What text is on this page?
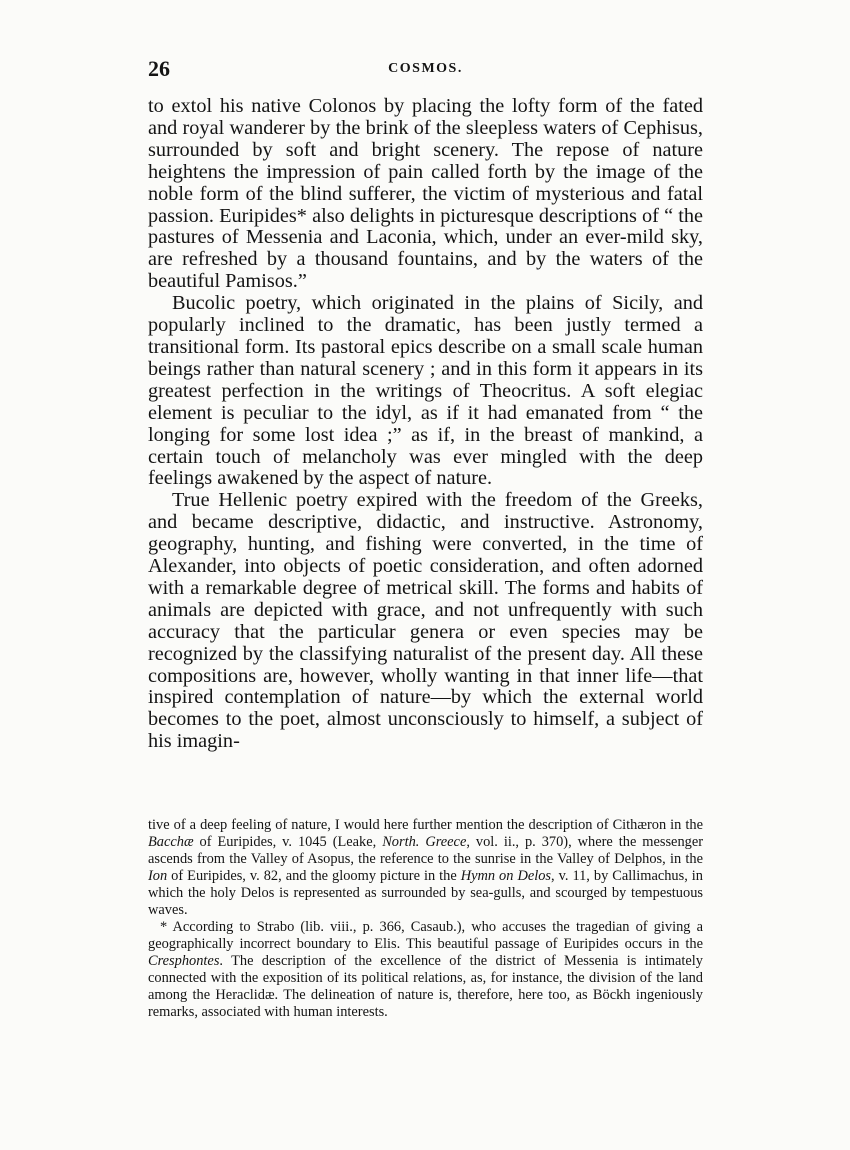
26	COSMOS.

to extol his native Colonos by placing the lofty form of the fated and royal wanderer by the brink of the sleepless waters of Cephisus, surrounded by soft and bright scenery. The repose of nature heightens the impression of pain called forth by the image of the noble form of the blind sufferer, the victim of mysterious and fatal passion. Euripides* also delights in picturesque descriptions of “ the pastures of Messenia and Laconia, which, under an ever-mild sky, are refreshed by a thousand fountains, and by the waters of the beautiful Pamisos.”

Bucolic poetry, which originated in the plains of Sicily, and popularly inclined to the dramatic, has been justly termed a transitional form. Its pastoral epics describe on a small scale human beings rather than natural scenery ; and in this form it appears in its greatest perfection in the writings of Theocritus. A soft elegiac element is peculiar to the idyl, as if it had emanated from “ the longing for some lost idea ;” as if, in the breast of mankind, a certain touch of melancholy was ever mingled with the deep feelings awakened by the aspect of nature.

True Hellenic poetry expired with the freedom of the Greeks, and became descriptive, didactic, and instructive. Astronomy, geography, hunting, and fishing were converted, in the time of Alexander, into objects of poetic consideration, and often adorned with a remarkable degree of metrical skill. The forms and habits of animals are depicted with grace, and not unfrequently with such accuracy that the particular genera or even species may be recognized by the classifying naturalist of the present day. All these compositions are, however, wholly wanting in that inner life—that inspired contemplation of nature—by which the external world becomes to the poet, almost unconsciously to himself, a subject of his imagin-

tive of a deep feeling of nature, I would here further mention the description of Cithæron in the Bacchæ of Euripides, v. 1045 (Leake, North. Greece, vol. ii., p. 370), where the messenger ascends from the Valley of Asopus, the reference to the sunrise in the Valley of Delphos, in the Ion of Euripides, v. 82, and the gloomy picture in the Hymn on Delos, v. 11, by Callimachus, in which the holy Delos is represented as surrounded by sea-gulls, and scourged by tempestuous waves.

* According to Strabo (lib. viii., p. 366, Casaub.), who accuses the tragedian of giving a geographically incorrect boundary to Elis. This beautiful passage of Euripides occurs in the Cresphontes. The description of the excellence of the district of Messenia is intimately connected with the exposition of its political relations, as, for instance, the division of the land among the Heraclidæ. The delineation of nature is, therefore, here too, as Böckh ingeniously remarks, associated with human interests.
